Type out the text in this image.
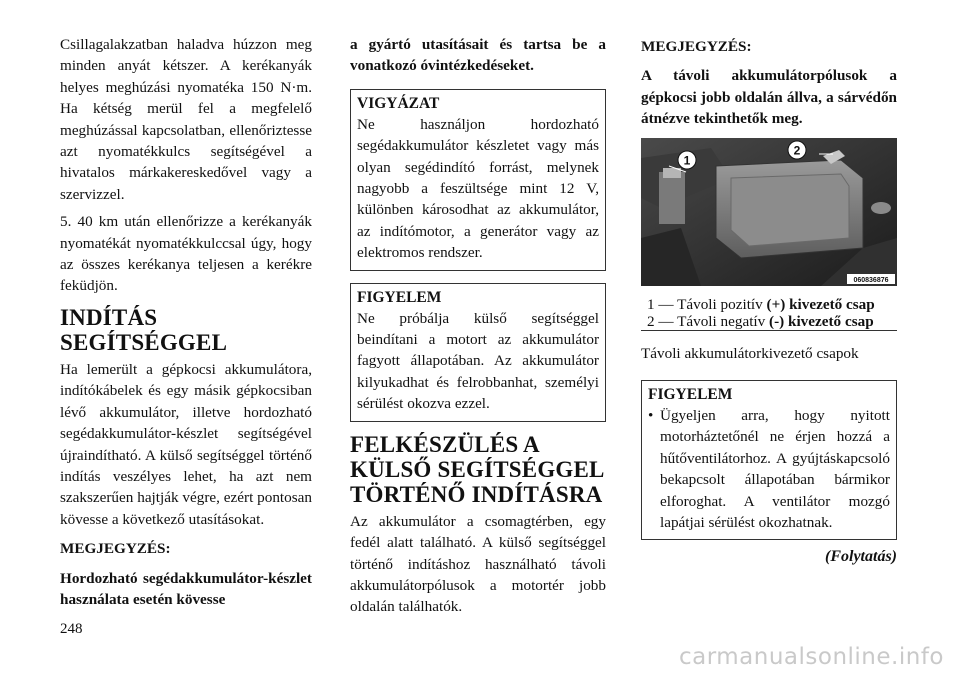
Csillagalakzatban haladva húzzon meg minden anyát kétszer. A kerékanyák helyes meghúzási nyomatéka 150 N·m. Ha kétség merül fel a megfelelő meghúzással kapcsolatban, ellenőriztesse azt nyomatékkulcs segítségével a hivatalos márkakereskedővel vagy a szervizzel.

5. 40 km után ellenőrizze a kerékanyák nyomatékát nyomatékkulccsal úgy, hogy az összes kerékanya teljesen a kerékre feküdjön.

INDÍTÁS SEGÍTSÉGGEL

Ha lemerült a gépkocsi akkumulátora, indítókábelek és egy másik gépkocsiban lévő akkumulátor, illetve hordozható segédakkumulátor-készlet segítségével újraindítható. A külső segítséggel történő indítás veszélyes lehet, ha azt nem szakszerűen hajtják végre, ezért pontosan kövesse a következő utasításokat.

MEGJEGYZÉS:

Hordozható segédakkumulátor-készlet használata esetén kövesse

a gyártó utasításait és tartsa be a vonatkozó óvintézkedéseket.

VIGYÁZAT

Ne használjon hordozható segédakkumulátor készletet vagy más olyan segédindító forrást, melynek nagyobb a feszültsége mint 12 V, különben károsodhat az akkumulátor, az indítómotor, a generátor vagy az elektromos rendszer.

FIGYELEM

Ne próbálja külső segítséggel beindítani a motort az akkumulátor fagyott állapotában. Az akkumulátor kilyukadhat és felrobbanhat, személyi sérülést okozva ezzel.

FELKÉSZÜLÉS A KÜLSŐ SEGÍTSÉGGEL TÖRTÉNŐ INDÍTÁSRA

Az akkumulátor a csomagtérben, egy fedél alatt található. A külső segítséggel történő indításhoz használható távoli akkumulátorpólusok a motortér jobb oldalán találhatók.

MEGJEGYZÉS:

A távoli akkumulátorpólusok a gépkocsi jobb oldalán állva, a sárvédőn átnézve tekinthetők meg.

1
2
060836876
1 — Távoli pozitív (+) kivezető csap
2 — Távoli negatív (-) kivezető csap
Távoli akkumulátorkivezető csapok
FIGYELEM
• Ügyeljen arra, hogy nyitott motorháztetőnél ne érjen hozzá a hűtőventilátorhoz. A gyújtáskapcsoló bekapcsolt állapotában bármikor elforoghat. A ventilátor mozgó lapátjai sérülést okozhatnak.
(Folytatás)
248
carmanualsonline.info
